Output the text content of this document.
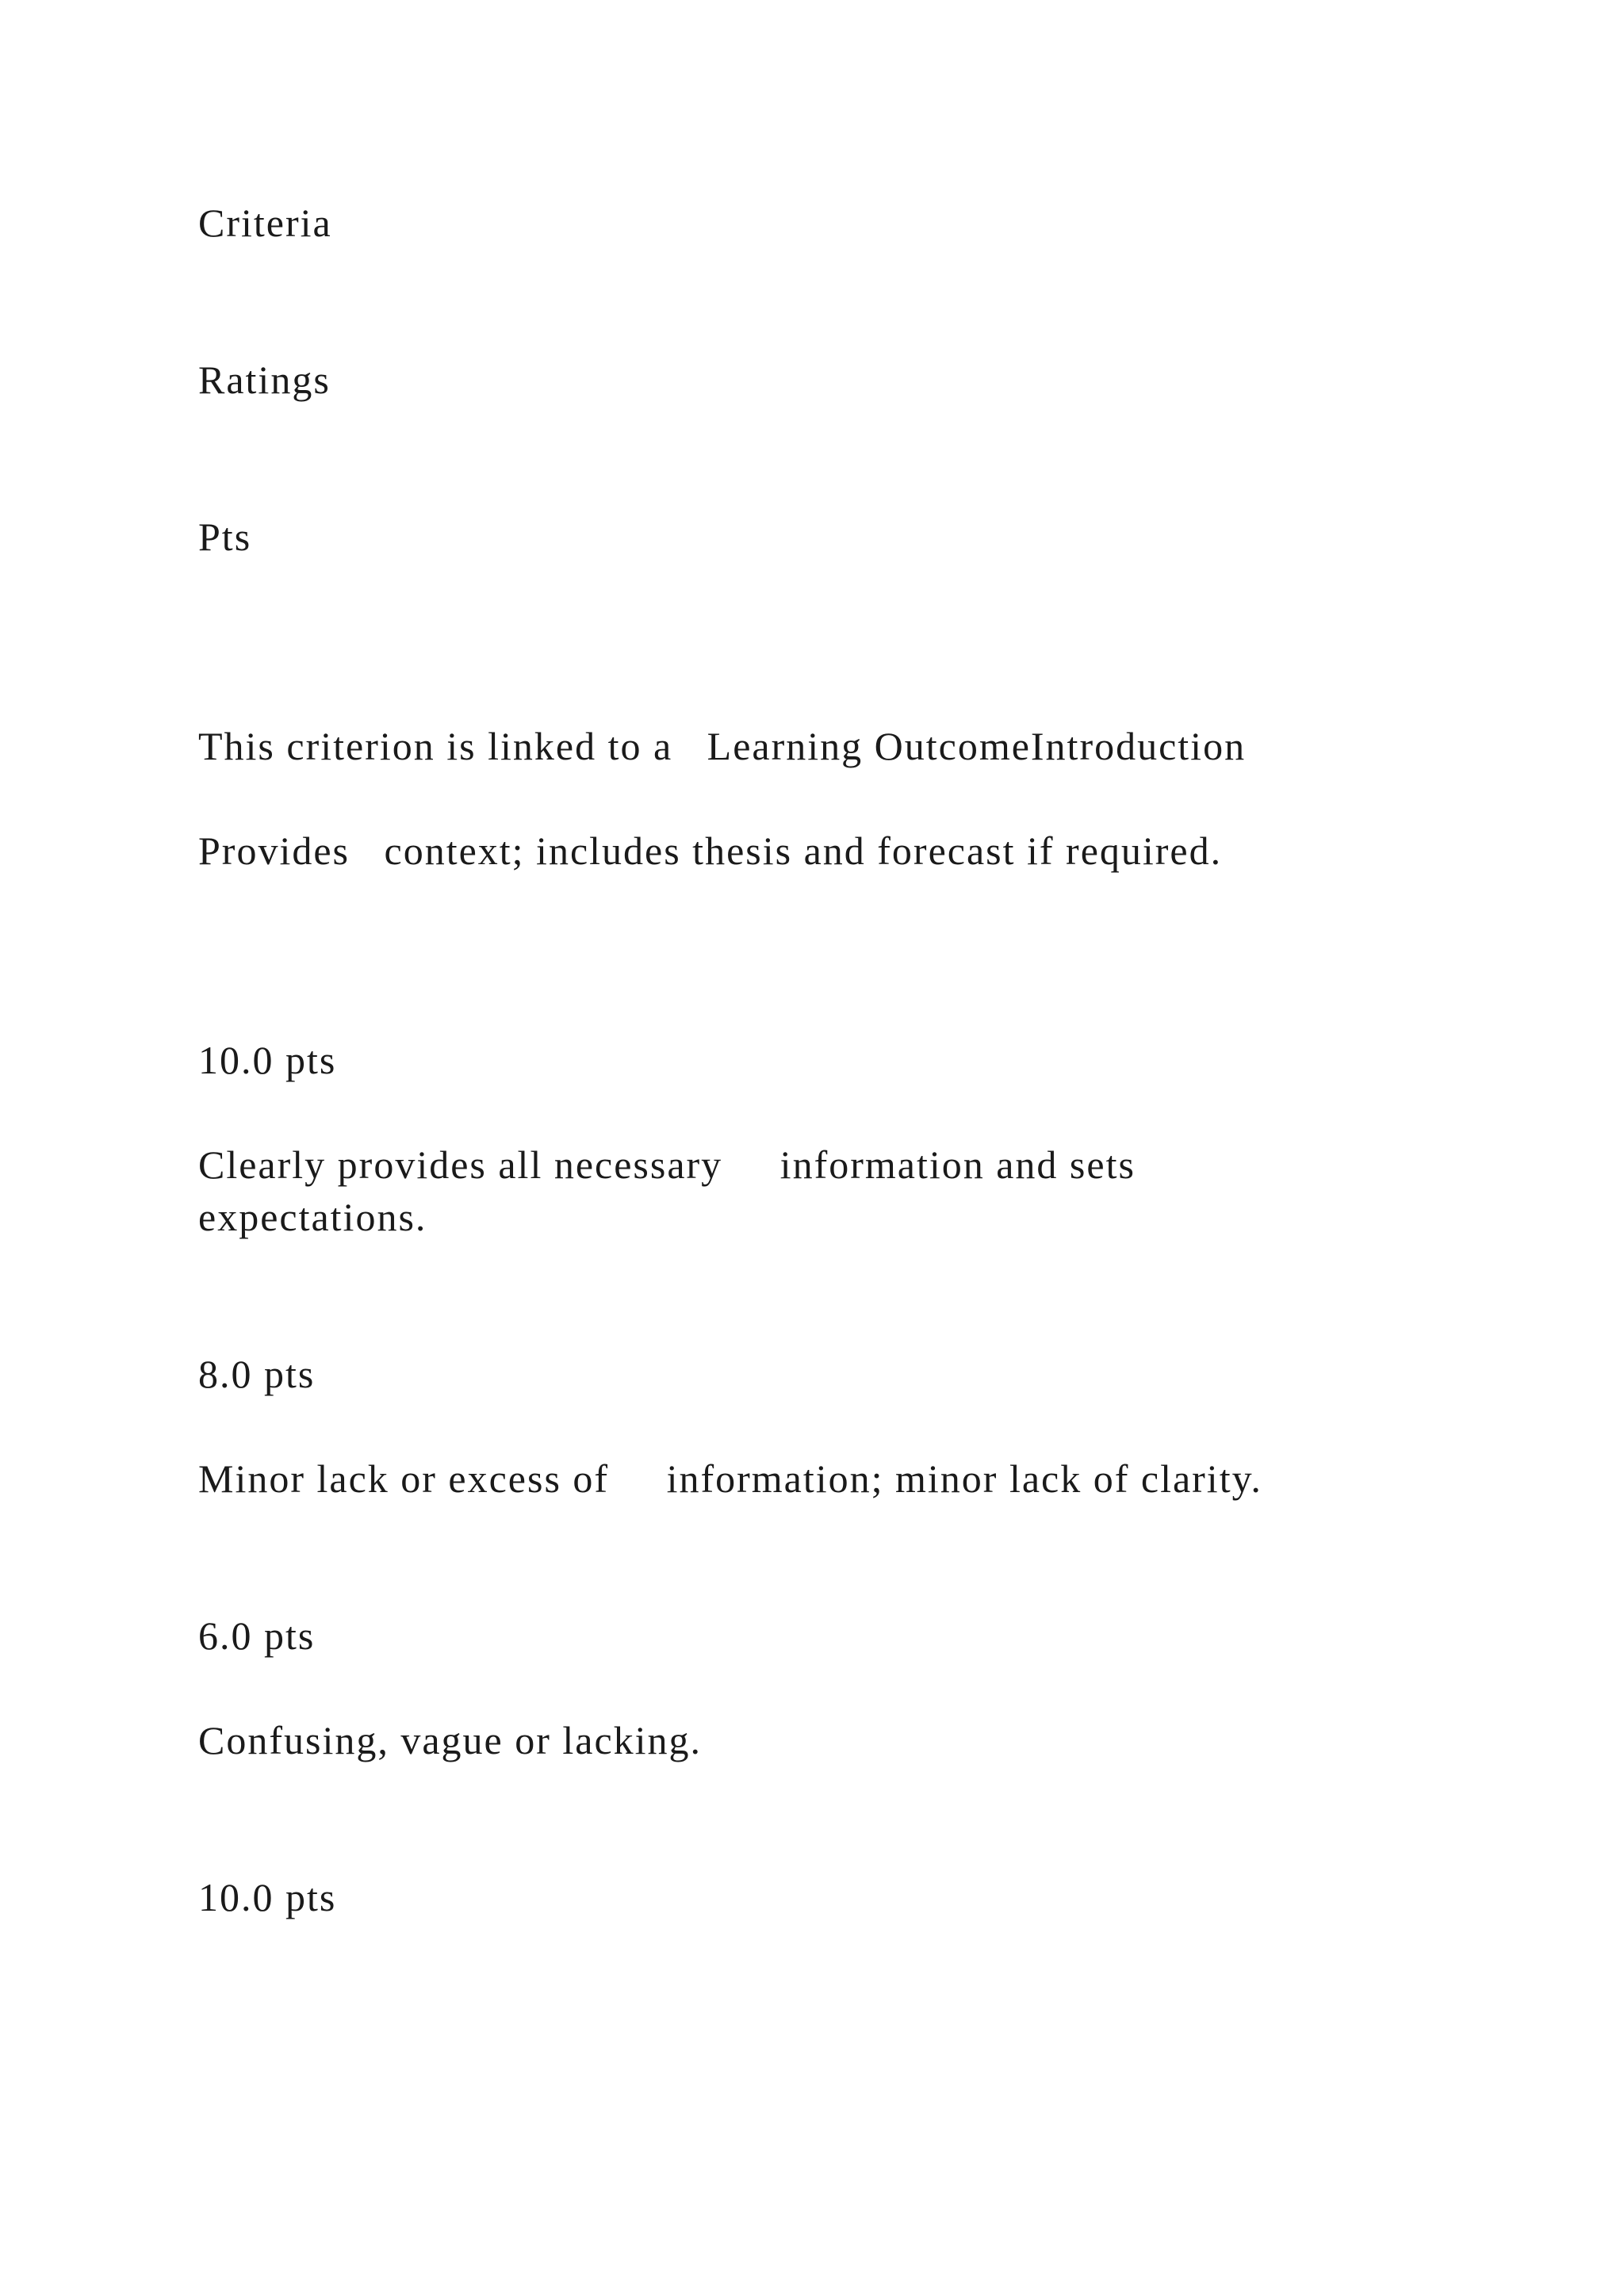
Criteria

Ratings

Pts

This criterion is linked to a   Learning OutcomeIntroduction

Provides   context; includes thesis and forecast if required.

10.0 pts

Clearly provides all necessary     information and sets expectations.

8.0 pts

Minor lack or excess of     information; minor lack of clarity.

6.0 pts

Confusing, vague or lacking.

10.0 pts
